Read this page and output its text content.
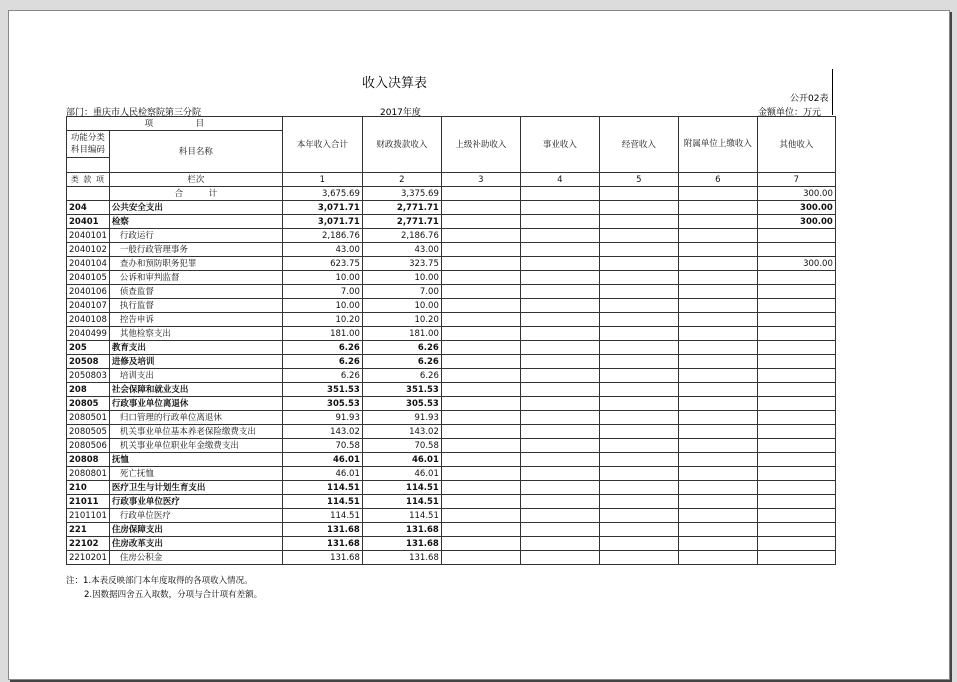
收入决算表
公开02表
部门：重庆市人民检察院第三分院	2017年度	金额单位：万元
项　　　　　目		本年收入合计	财政拨款收入	上级补助收入	事业收入	经营收入	附属单位上缴收入	其他收入
功能分类科目编码	科目名称							

类 款 项	栏次	1	2	3	4	5	6	7
	合　　　计	3,675.69	3,375.69					300.00
204	公共安全支出	3,071.71	2,771.71					300.00
20401	检察	3,071.71	2,771.71					300.00
2040101	行政运行	2,186.76	2,186.76					
2040102	一般行政管理事务	43.00	43.00					
2040104	查办和预防职务犯罪	623.75	323.75					300.00
2040105	公诉和审判监督	10.00	10.00					
2040106	侦查监督	7.00	7.00					
2040107	执行监督	10.00	10.00					
2040108	控告申诉	10.20	10.20					
2040499	其他检察支出	181.00	181.00					
205	教育支出	6.26	6.26					
20508	进修及培训	6.26	6.26					
2050803	培训支出	6.26	6.26					
208	社会保障和就业支出	351.53	351.53					
20805	行政事业单位离退休	305.53	305.53					
2080501	归口管理的行政单位离退休	91.93	91.93					
2080505	机关事业单位基本养老保险缴费支出	143.02	143.02					
2080506	机关事业单位职业年金缴费支出	70.58	70.58					
20808	抚恤	46.01	46.01					
2080801	死亡抚恤	46.01	46.01					
210	医疗卫生与计划生育支出	114.51	114.51					
21011	行政事业单位医疗	114.51	114.51					
2101101	行政单位医疗	114.51	114.51					
221	住房保障支出	131.68	131.68					
22102	住房改革支出	131.68	131.68					
2210201	住房公积金	131.68	131.68					
注：1.本表反映部门本年度取得的各项收入情况。
2.因数据四舍五入取数，分项与合计项有差额。
